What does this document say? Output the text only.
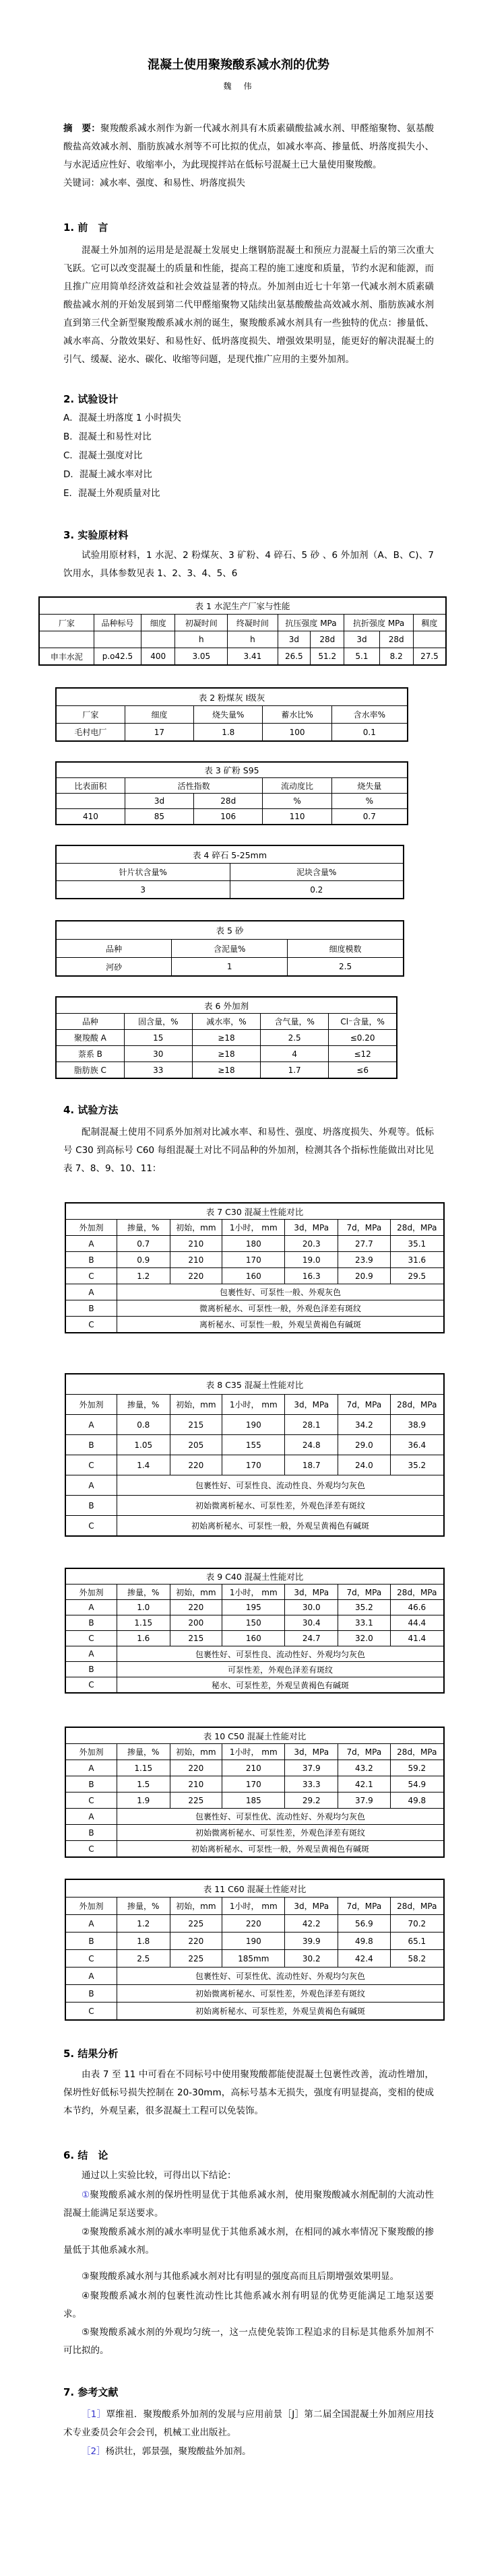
混凝土使用聚羧酸系减水剂的优势
魏　伟

摘　要：聚羧酸系减水剂作为新一代减水剂具有木质素磺酸盐减水剂、甲醛缩聚物、氨基酸酸盐高效减水剂、脂肪族减水剂等不可比拟的优点，如减水率高、掺量低、坍落度损失小、与水泥适应性好、收缩率小，为此现搅拌站在低标号混凝土已大量使用聚羧酸。

关键词：减水率、强度、和易性、坍落度损失

1. 前　言

混凝土外加剂的运用是是混凝土发展史上继钢筋混凝土和预应力混凝土后的第三次重大飞跃。它可以改变混凝土的质量和性能，提高工程的施工速度和质量，节约水泥和能源，而且推广应用简单经济效益和社会效益显著的特点。外加剂由近七十年第一代减水剂木质素磺酸盐减水剂的开始发展到第二代甲醛缩聚物又陆续出氨基酸酸盐高效减水剂、脂肪族减水剂直到第三代全新型聚羧酸系减水剂的诞生，聚羧酸系减水剂具有一些独特的优点：掺量低、减水率高、分散效果好、和易性好、低坍落度损失、增强效果明显，能更好的解决混凝土的引气、缓凝、泌水、碳化、收缩等问题，是现代推广应用的主要外加剂。

2. 试验设计

A．混凝土坍落度 1 小时损失

B．混凝土和易性对比

C．混凝土强度对比

D．混凝土减水率对比

E．混凝土外观质量对比

3. 实验原材料

试验用原材料，1 水泥、2 粉煤灰、3 矿粉、4 碎石、5 砂 、6 外加剂（A、B、C)、7 饮用水，具体参数见表 1、2、3、4、5、6

表 1 水泥生产厂家与性能									
厂家	品种标号	细度	初凝时间	终凝时间	抗压强度 MPa		抗折强度 MPa		稠度
			h	h	3d	28d	3d	28d	
申丰水泥	p.o42.5	400	3.05	3.41	26.5	51.2	5.1	8.2	27.5
表 2 粉煤灰 I级灰				
厂家	细度	烧失量%	蓄水比%	含水率%
毛村电厂	17	1.8	100	0.1
表 3 矿粉 S95				
比表面积	活性指数		流动度比	烧失量
	3d	28d	%	%
410	85	106	110	0.7
表 4 碎石 5-25mm	
针片状含量%	泥块含量%
3	0.2
表 5 砂		
品种	含泥量%	细度模数
河砂	1	2.5
表 6 外加剂				
品种	固含量，%	减水率，%	含气量，%	Cl⁻含量，%
聚羧酸 A	15	≥18	2.5	≤0.20
萘系 B	30	≥18	4	≤12
脂肪族 C	33	≥18	1.7	≤6

4. 试验方法

配制混凝土使用不同系外加剂对比减水率、和易性、强度、坍落度损失、外观等。低标号 C30 到高标号 C60 每组混凝土对比不同品种的外加剂，检测其各个指标性能做出对比见表 7、8、9、10、11：

表 7 C30 混凝土性能对比						
外加剂	掺量，%	初始，mm	1小时， mm	3d，MPa	7d，MPa	28d，MPa
A	0.7	210	180	20.3	27.7	35.1
B	0.9	210	170	19.0	23.9	31.6
C	1.2	220	160	16.3	20.9	29.5
A	包裹性好、可泵性一般、外观灰色					
B	微离析秘水、可泵性一般，外观色泽差有斑纹					
C	离析秘水、可泵性一般，外观呈黄褐色有碱斑					
表 8 C35 混凝土性能对比						
外加剂	掺量，%	初始，mm	1小时， mm	3d，MPa	7d，MPa	28d，MPa
A	0.8	215	190	28.1	34.2	38.9
B	1.05	205	155	24.8	29.0	36.4
C	1.4	220	170	18.7	24.0	35.2
A	包裹性好、可泵性良、流动性良、外观均匀灰色					
B	初始微离析秘水、可泵性差，外观色泽差有斑纹					
C	初始离析秘水、可泵性一般，外观呈黄褐色有碱斑					
表 9 C40 混凝土性能对比						
外加剂	掺量，%	初始，mm	1小时， mm	3d，MPa	7d，MPa	28d，MPa
A	1.0	220	195	30.0	35.2	46.6
B	1.15	200	150	30.4	33.1	44.4
C	1.6	215	160	24.7	32.0	41.4
A	包裹性好、可泵性良、流动性好、外观均匀灰色					
B	可泵性差，外观色泽差有斑纹					
C	秘水、可泵性差，外观呈黄褐色有碱斑					
表 10 C50 混凝土性能对比						
外加剂	掺量，%	初始，mm	1小时， mm	3d，MPa	7d，MPa	28d，MPa
A	1.15	220	210	37.9	43.2	59.2
B	1.5	210	170	33.3	42.1	54.9
C	1.9	225	185	29.2	37.9	49.8
A	包裹性好、可泵性优、流动性好、外观均匀灰色					
B	初始微离析秘水、可泵性差，外观色泽差有斑纹					
C	初始离析秘水、可泵性一般，外观呈黄褐色有碱斑					
表 11 C60 混凝土性能对比						
外加剂	掺量，%	初始，mm	1小时， mm	3d，MPa	7d，MPa	28d，MPa
A	1.2	225	220	42.2	56.9	70.2
B	1.8	220	190	39.9	49.8	65.1
C	2.5	225	185mm	30.2	42.4	58.2
A	包裹性好、可泵性优、流动性好、外观均匀灰色					
B	初始微离析秘水、可泵性差，外观色泽差有斑纹					
C	初始离析秘水、可泵性差，外观呈黄褐色有碱斑					

5. 结果分析

由表 7 至 11 中可看在不同标号中使用聚羧酸都能使混凝土包裹性改善，流动性增加，保坍性好低标号损失控制在 20-30mm，高标号基本无损失，强度有明显提高，变相的使成本节约，外观呈素，很多混凝土工程可以免装饰。

6. 结　论

通过以上实验比较，可得出以下结论：

①聚羧酸系减水剂的保坍性明显优于其他系减水剂，使用聚羧酸减水剂配制的大流动性混凝土能满足泵送要求。

②聚羧酸系减水剂的减水率明显优于其他系减水剂，在相同的减水率情况下聚羧酸的掺量低于其他系减水剂。

③聚羧酸系减水剂与其他系减水剂对比有明显的强度高而且后期增强效果明显。

④聚羧酸系减水剂的包裹性流动性比其他系减水剂有明显的优势更能满足工地泵送要求。

⑤聚羧酸系减水剂的外观均匀统一，这一点使免装饰工程追求的目标是其他系外加剂不可比拟的。

7. 参考文献

［1］覃维祖．聚羧酸系外加剂的发展与应用前景［J］第二届全国混凝土外加剂应用技术专业委员会年会会刊，机械工业出版社。

［2］杨洪壮，郭景强，聚羧酸盐外加剂。
